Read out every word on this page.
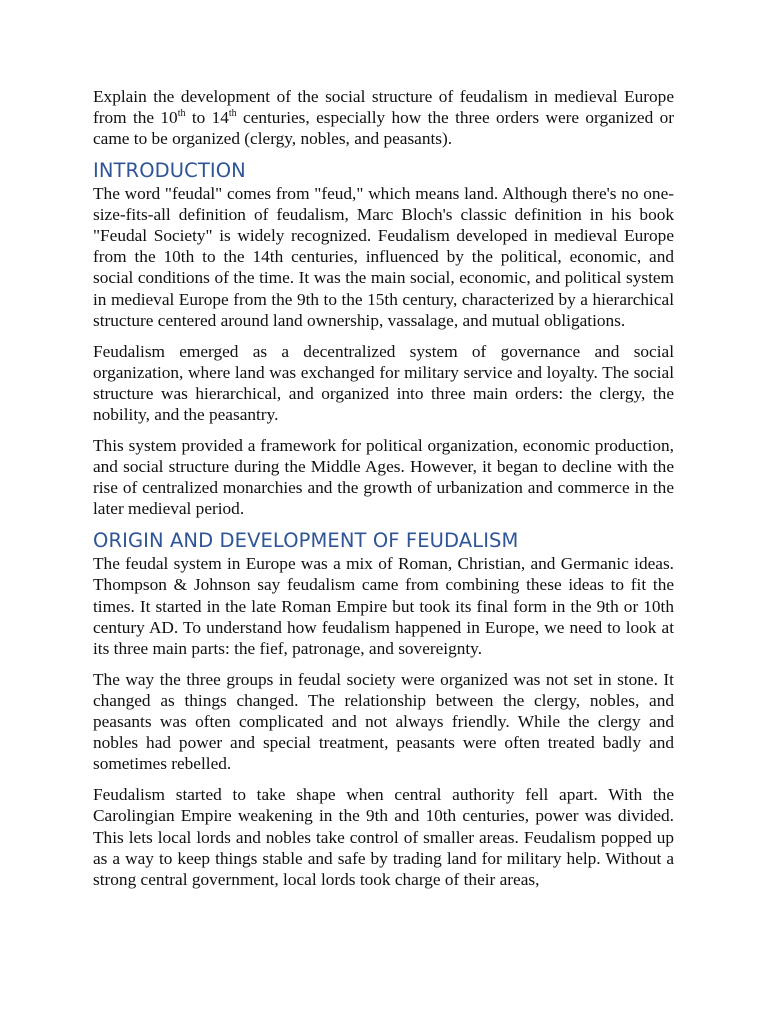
Explain the development of the social structure of feudalism in medieval Europe from the 10th to 14th centuries, especially how the three orders were organized or came to be organized (clergy, nobles, and peasants).

INTRODUCTION

The word "feudal" comes from "feud," which means land. Although there's no one-size-fits-all definition of feudalism, Marc Bloch's classic definition in his book "Feudal Society" is widely recognized. Feudalism developed in medieval Europe from the 10th to the 14th centuries, influenced by the political, economic, and social conditions of the time. It was the main social, economic, and political system in medieval Europe from the 9th to the 15th century, characterized by a hierarchical structure centered around land ownership, vassalage, and mutual obligations.

Feudalism emerged as a decentralized system of governance and social organization, where land was exchanged for military service and loyalty. The social structure was hierarchical, and organized into three main orders: the clergy, the nobility, and the peasantry.

This system provided a framework for political organization, economic production, and social structure during the Middle Ages. However, it began to decline with the rise of centralized monarchies and the growth of urbanization and commerce in the later medieval period.

ORIGIN AND DEVELOPMENT OF FEUDALISM

The feudal system in Europe was a mix of Roman, Christian, and Germanic ideas. Thompson & Johnson say feudalism came from combining these ideas to fit the times. It started in the late Roman Empire but took its final form in the 9th or 10th century AD. To understand how feudalism happened in Europe, we need to look at its three main parts: the fief, patronage, and sovereignty.

The way the three groups in feudal society were organized was not set in stone. It changed as things changed. The relationship between the clergy, nobles, and peasants was often complicated and not always friendly. While the clergy and nobles had power and special treatment, peasants were often treated badly and sometimes rebelled.

Feudalism started to take shape when central authority fell apart. With the Carolingian Empire weakening in the 9th and 10th centuries, power was divided. This lets local lords and nobles take control of smaller areas. Feudalism popped up as a way to keep things stable and safe by trading land for military help. Without a strong central government, local lords took charge of their areas,
